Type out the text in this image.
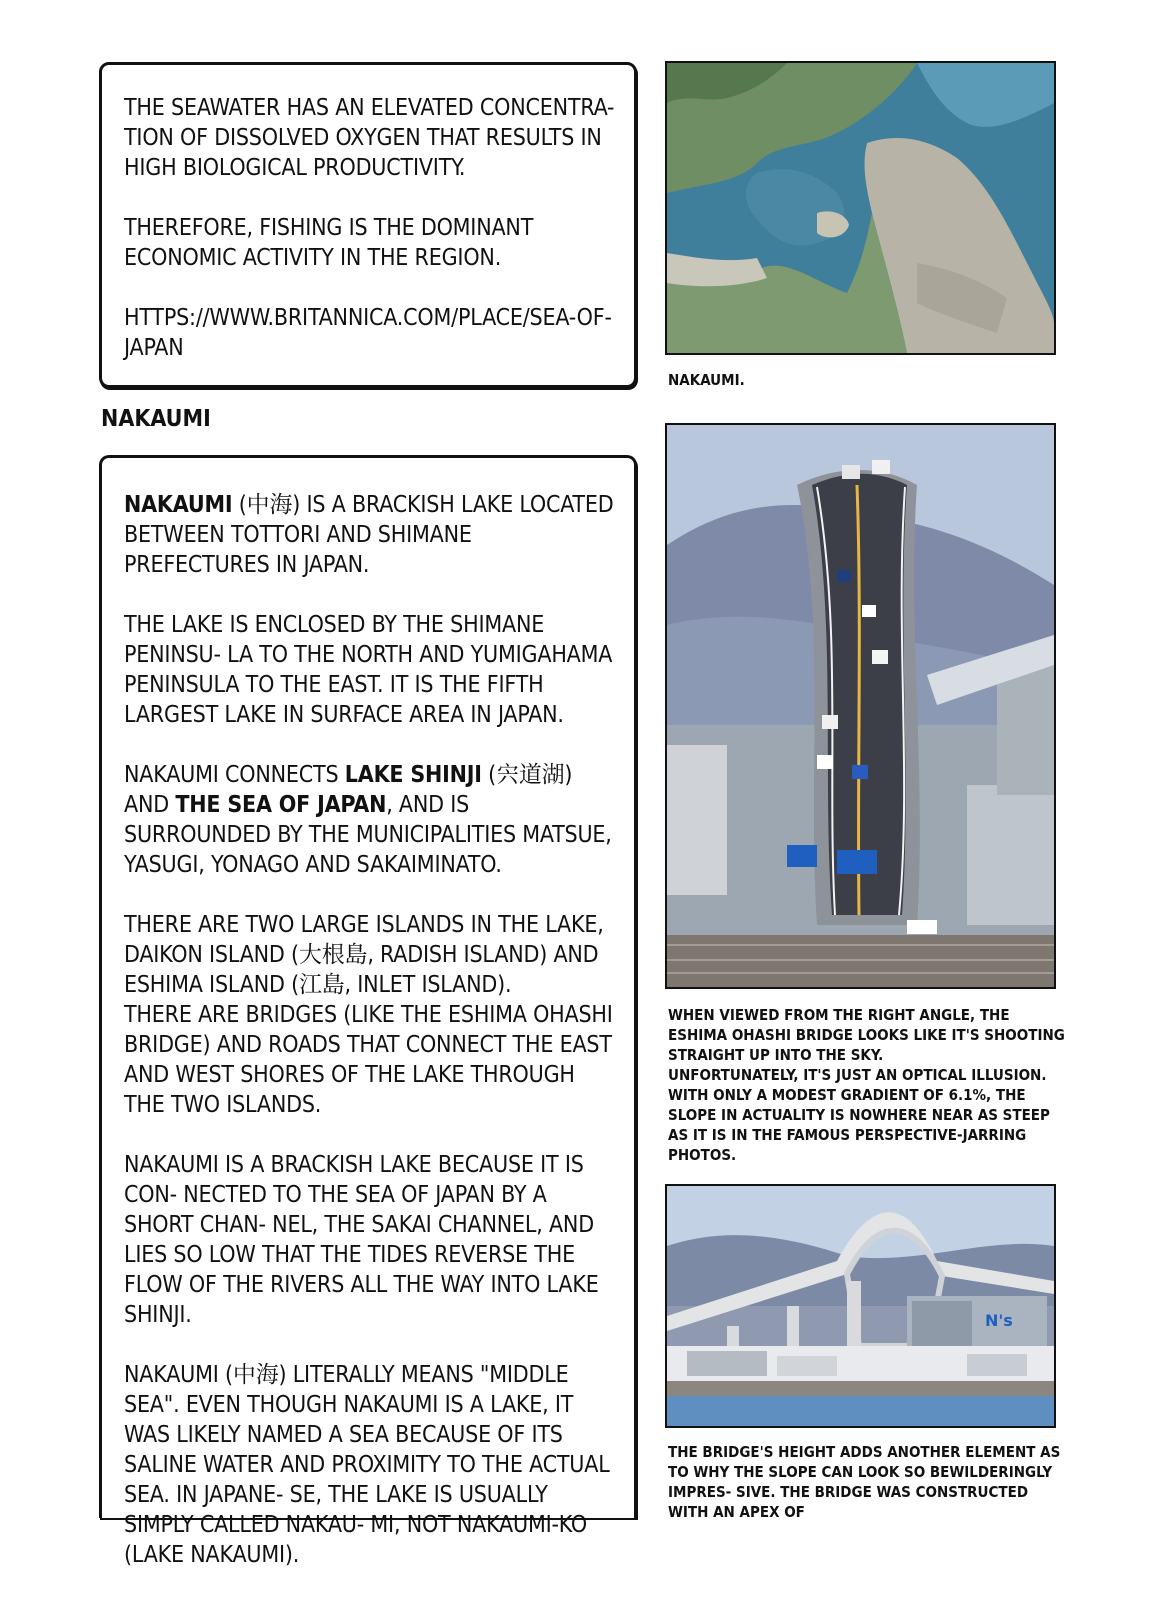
THE SEAWATER HAS AN ELEVATED CONCENTRA- TION OF DISSOLVED OXYGEN THAT RESULTS IN HIGH BIOLOGICAL PRODUCTIVITY.

THEREFORE, FISHING IS THE DOMINANT ECONOMIC ACTIVITY IN THE REGION.

HTTPS://WWW.BRITANNICA.COM/PLACE/SEA-OF- JAPAN

NAKAUMI

NAKAUMI (中海) IS A BRACKISH LAKE LOCATED BETWEEN TOTTORI AND SHIMANE PREFECTURES IN JAPAN.

THE LAKE IS ENCLOSED BY THE SHIMANE PENINSU- LA TO THE NORTH AND YUMIGAHAMA PENINSULA TO THE EAST. IT IS THE FIFTH LARGEST LAKE IN SURFACE AREA IN JAPAN.

NAKAUMI CONNECTS LAKE SHINJI (宍道湖) AND THE SEA OF JAPAN, AND IS SURROUNDED BY THE MUNICIPALITIES MATSUE, YASUGI, YONAGO AND SAKAIMINATO.

THERE ARE TWO LARGE ISLANDS IN THE LAKE, DAIKON ISLAND (大根島, RADISH ISLAND) AND ESHIMA ISLAND (江島, INLET ISLAND).

THERE ARE BRIDGES (LIKE THE ESHIMA OHASHI BRIDGE) AND ROADS THAT CONNECT THE EAST AND WEST SHORES OF THE LAKE THROUGH THE TWO ISLANDS.

NAKAUMI IS A BRACKISH LAKE BECAUSE IT IS CON- NECTED TO THE SEA OF JAPAN BY A SHORT CHAN- NEL, THE SAKAI CHANNEL, AND LIES SO LOW THAT THE TIDES REVERSE THE FLOW OF THE RIVERS ALL THE WAY INTO LAKE SHINJI.

NAKAUMI (中海) LITERALLY MEANS "MIDDLE SEA". EVEN THOUGH NAKAUMI IS A LAKE, IT WAS LIKELY NAMED A SEA BECAUSE OF ITS SALINE WATER AND PROXIMITY TO THE ACTUAL SEA. IN JAPANE- SE, THE LAKE IS USUALLY SIMPLY CALLED NAKAU- MI, NOT NAKAUMI-KO (LAKE NAKAUMI).

NAKAUMI.
WHEN VIEWED FROM THE RIGHT ANGLE, THE ESHIMA OHASHI BRIDGE LOOKS LIKE IT'S SHOOTING STRAIGHT UP INTO THE SKY.
UNFORTUNATELY, IT'S JUST AN OPTICAL ILLUSION. WITH ONLY A MODEST GRADIENT OF 6.1%, THE SLOPE IN ACTUALITY IS NOWHERE NEAR AS STEEP AS IT IS IN THE FAMOUS PERSPECTIVE-JARRING PHOTOS.
N's
THE BRIDGE'S HEIGHT ADDS ANOTHER ELEMENT AS TO WHY THE SLOPE CAN LOOK SO BEWILDERINGLY IMPRES- SIVE. THE BRIDGE WAS CONSTRUCTED WITH AN APEX OF
